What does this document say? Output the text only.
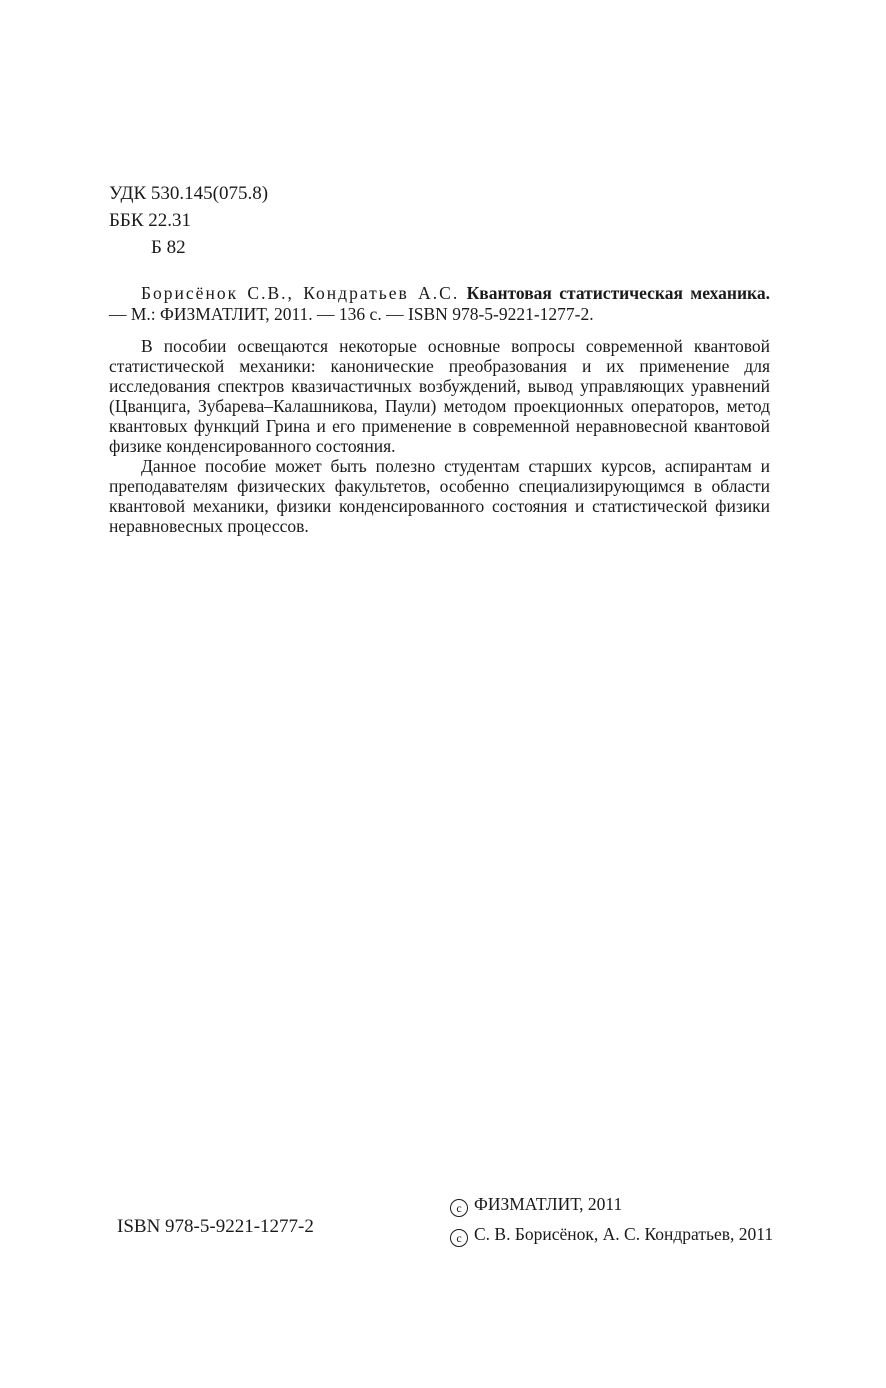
УДК 530.145(075.8)
ББК 22.31
Б 82
Борисёнок С.В., Кондратьев А.С. Квантовая статистическая механика. — М.: ФИЗМАТЛИТ, 2011. — 136 с. — ISBN 978-5-9221-1277-2.

В пособии освещаются некоторые основные вопросы современной квантовой статистической механики: канонические преобразования и их применение для исследования спектров квазичастичных возбуждений, вывод управляющих уравнений (Цванцига, Зубарева–Калашникова, Паули) методом проекционных операторов, метод квантовых функций Грина и его применение в современной неравновесной квантовой физике конденсированного состояния.

Данное пособие может быть полезно студентам старших курсов, аспирантам и преподавателям физических факультетов, особенно специализирующимся в области квантовой механики, физики конденсированного состояния и статистической физики неравновесных процессов.

ISBN 978-5-9221-1277-2
c ФИЗМАТЛИТ, 2011
c С. В. Борисёнок, А. С. Кондратьев, 2011
